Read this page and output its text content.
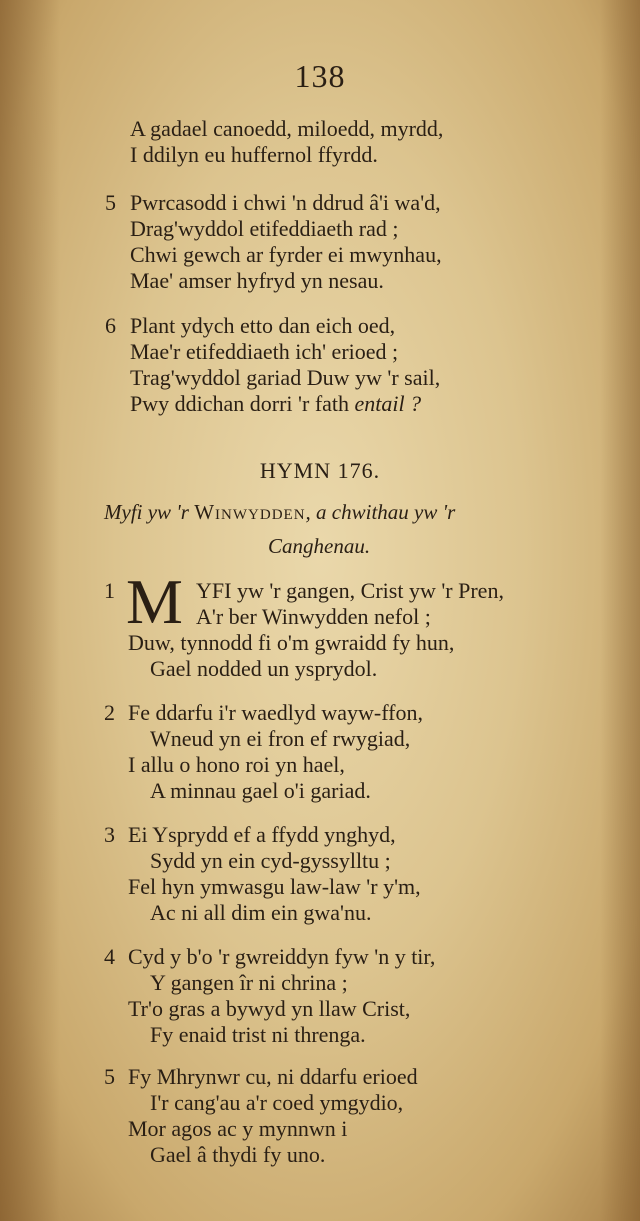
138
A gadael canoedd, miloedd, myrdd,
I ddilyn eu huffernol ffyrdd.
5 Pwrcasodd i chwi 'n ddrud â'i wa'd,
Drag'wyddol etifeddiaeth rad ;
Chwi gewch ar fyrder ei mwynhau,
Mae' amser hyfryd yn nesau.
6 Plant ydych etto dan eich oed,
Mae'r etifeddiaeth ich' erioed ;
Trag'wyddol gariad Duw yw 'r sail,
Pwy ddichan dorri 'r fath entail ?
HYMN 176.
Myfi yw 'r Winwydden, a chwithau yw 'r
Canghenau.
1 M YFI yw 'r gangen, Crist yw 'r Pren,
A'r ber Winwydden nefol ;
Duw, tynnodd fi o'm gwraidd fy hun,
Gael nodded un ysprydol.
2 Fe ddarfu i'r waedlyd wayw-ffon,
Wneud yn ei fron ef rwygiad,
I allu o hono roi yn hael,
A minnau gael o'i gariad.
3 Ei Ysprydd ef a ffydd ynghyd,
Sydd yn ein cyd-gyssylltu ;
Fel hyn ymwasgu law-law 'r y'm,
Ac ni all dim ein gwa'nu.
4 Cyd y b'o 'r gwreiddyn fyw 'n y tir,
Y gangen îr ni chrina ;
Tr'o gras a bywyd yn llaw Crist,
Fy enaid trist ni threnga.
5 Fy Mhrynwr cu, ni ddarfu erioed
I'r cang'au a'r coed ymgydio,
Mor agos ac y mynnwn i
Gael â thydi fy uno.
